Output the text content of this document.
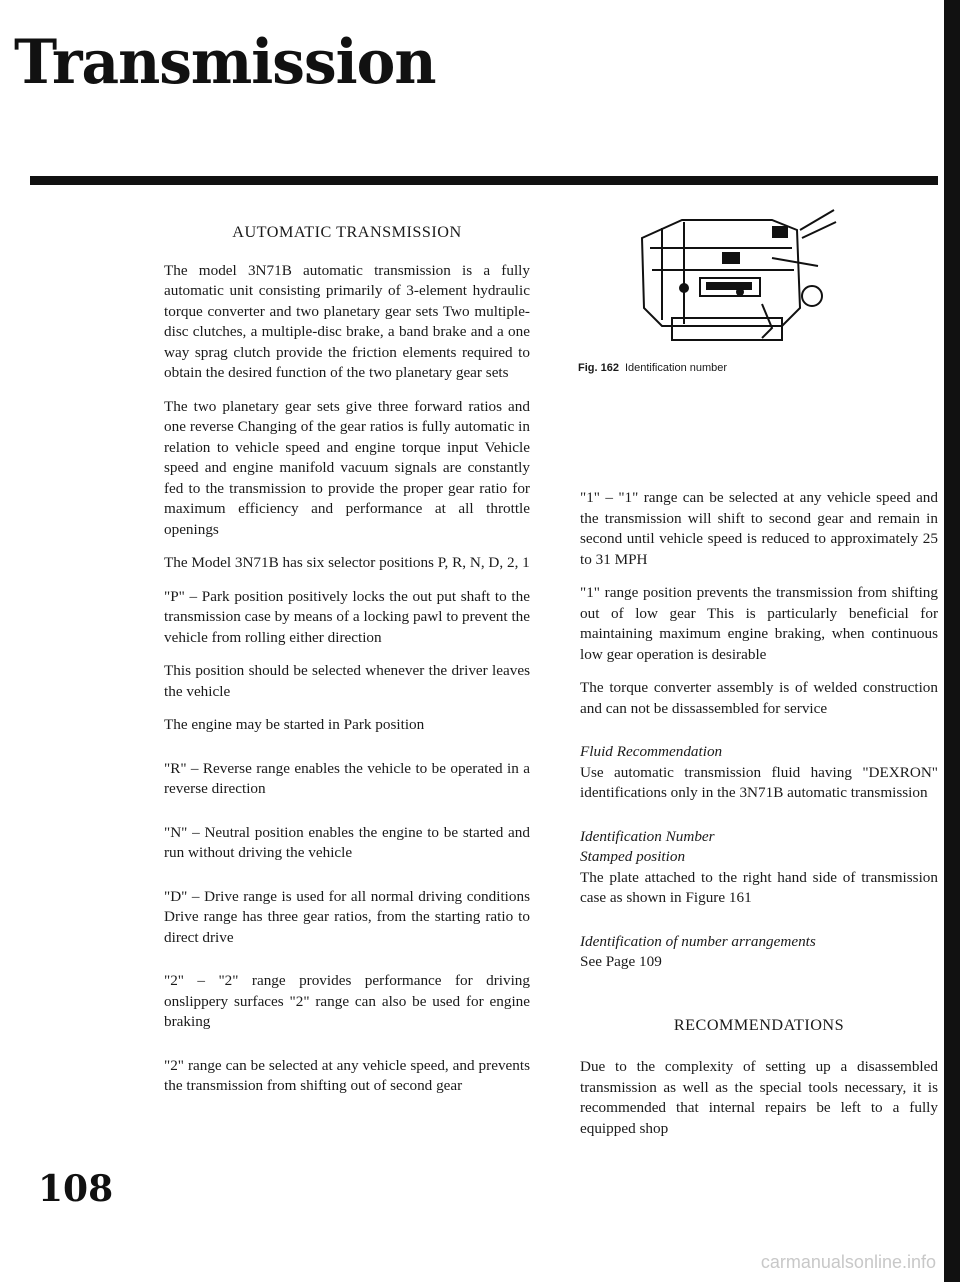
Transmission
AUTOMATIC TRANSMISSION

The model 3N71B automatic transmission is a fully automatic unit consisting primarily of 3-element hydraulic torque converter and two planetary gear sets Two multiple-disc clutches, a multiple-disc brake, a band brake and a one way sprag clutch provide the friction elements required to obtain the desired function of the two planetary gear sets

The two planetary gear sets give three forward ratios and one reverse Changing of the gear ratios is fully automatic in relation to vehicle speed and engine torque input Vehicle speed and engine manifold vacuum signals are constantly fed to the transmission to provide the proper gear ratio for maximum efficiency and performance at all throttle openings

The Model 3N71B has six selector positions P, R, N, D, 2, 1

"P" – Park position positively locks the out put shaft to the transmission case by means of a locking pawl to prevent the vehicle from rolling either direction

This position should be selected whenever the driver leaves the vehicle

The engine may be started in Park position

"R" – Reverse range enables the vehicle to be operated in a reverse direction

"N" – Neutral position enables the engine to be started and run without driving the vehicle

"D" – Drive range is used for all normal driving conditions Drive range has three gear ratios, from the starting ratio to direct drive

"2" – "2" range provides performance for driving onslippery surfaces "2" range can also be used for engine braking

"2" range can be selected at any vehicle speed, and prevents the transmission from shifting out of second gear

Fig. 162 Identification number

"1" – "1" range can be selected at any vehicle speed and the transmission will shift to second gear and remain in second until vehicle speed is reduced to approximately 25 to 31 MPH

"1" range position prevents the transmission from shifting out of low gear This is particularly beneficial for maintaining maximum engine braking, when continuous low gear operation is desirable

The torque converter assembly is of welded construction and can not be dissassembled for service

Fluid Recommendation

Use automatic transmission fluid having "DEXRON" identifications only in the 3N71B automatic transmission

Identification Number

Stamped position

The plate attached to the right hand side of transmission case as shown in Figure 161

Identification of number arrangements

See Page 109

RECOMMENDATIONS

Due to the complexity of setting up a disassembled transmission as well as the special tools necessary, it is recommended that internal repairs be left to a fully equipped shop

108
carmanualsonline.info
